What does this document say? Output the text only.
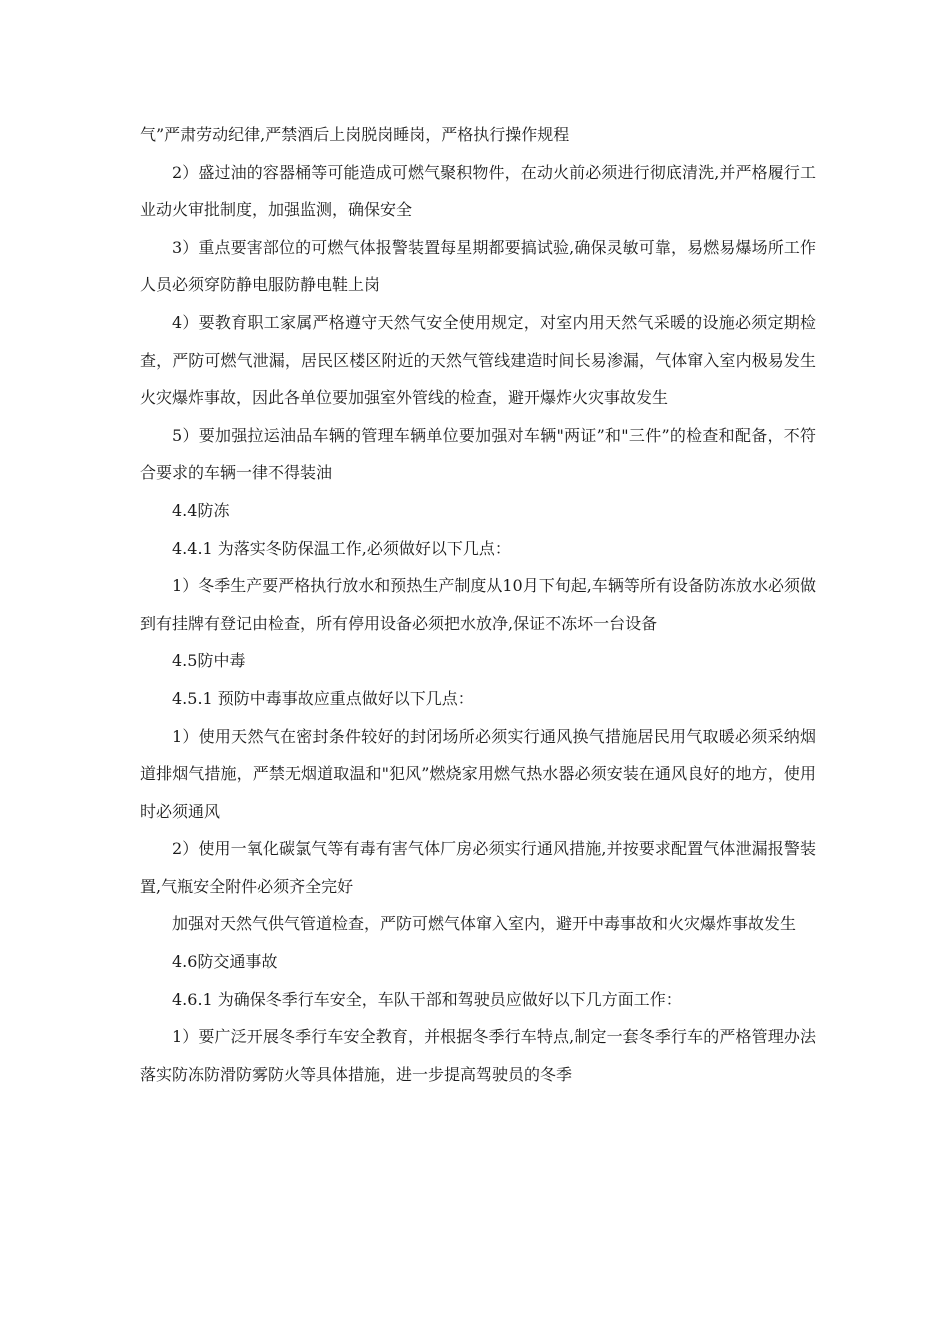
气”严肃劳动纪律,严禁酒后上岗脱岗睡岗，严格执行操作规程

2）盛过油的容器桶等可能造成可燃气聚积物件，在动火前必须进行彻底清洗,并严格履行工业动火审批制度，加强监测，确保安全

3）重点要害部位的可燃气体报警装置每星期都要搞试验,确保灵敏可靠，易燃易爆场所工作人员必须穿防静电服防静电鞋上岗

4）要教育职工家属严格遵守天然气安全使用规定，对室内用天然气采暖的设施必须定期检查，严防可燃气泄漏，居民区楼区附近的天然气管线建造时间长易渗漏，气体窜入室内极易发生火灾爆炸事故，因此各单位要加强室外管线的检查，避开爆炸火灾事故发生

5）要加强拉运油品车辆的管理车辆单位要加强对车辆"两证”和"三件”的检查和配备，不符合要求的车辆一律不得装油

4.4防冻

4.4.1 为落实冬防保温工作,必须做好以下几点：

1）冬季生产要严格执行放水和预热生产制度从10月下旬起,车辆等所有设备防冻放水必须做到有挂牌有登记由检查，所有停用设备必须把水放净,保证不冻坏一台设备

4.5防中毒

4.5.1 预防中毒事故应重点做好以下几点：

1）使用天然气在密封条件较好的封闭场所必须实行通风换气措施居民用气取暖必须采纳烟道排烟气措施，严禁无烟道取温和"犯风”燃烧家用燃气热水器必须安装在通风良好的地方，使用时必须通风

2）使用一氧化碳氯气等有毒有害气体厂房必须实行通风措施,并按要求配置气体泄漏报警装置,气瓶安全附件必须齐全完好

加强对天然气供气管道检查，严防可燃气体窜入室内，避开中毒事故和火灾爆炸事故发生

4.6防交通事故

4.6.1 为确保冬季行车安全，车队干部和驾驶员应做好以下几方面工作：

1）要广泛开展冬季行车安全教育，并根据冬季行车特点,制定一套冬季行车的严格管理办法落实防冻防滑防雾防火等具体措施，进一步提高驾驶员的冬季
